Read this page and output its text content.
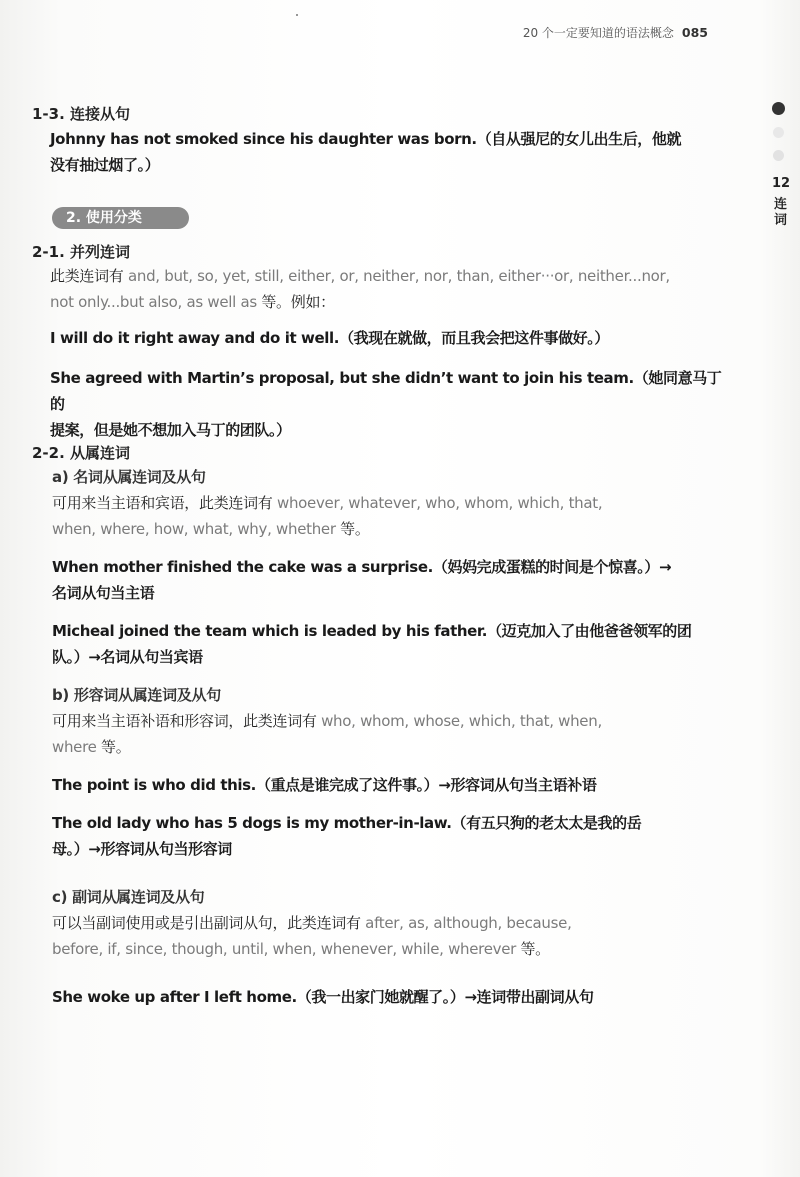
20 个一定要知道的语法概念 085
12
连
词
1-3. 连接从句
Johnny has not smoked since his daughter was born.（自从强尼的女儿出生后，他就
没有抽过烟了。）
2. 使用分类
2-1. 并列连词
此类连词有 and, but, so, yet, still, either, or, neither, nor, than, either···or, neither...nor,
not only...but also, as well as 等。例如：
I will do it right away and do it well.（我现在就做，而且我会把这件事做好。）
She agreed with Martin’s proposal, but she didn’t want to join his team.（她同意马丁的
提案，但是她不想加入马丁的团队。）
2-2. 从属连词
a) 名词从属连词及从句
可用来当主语和宾语，此类连词有 whoever, whatever, who, whom, which, that,
when, where, how, what, why, whether 等。
When mother finished the cake was a surprise.（妈妈完成蛋糕的时间是个惊喜。）→
名词从句当主语
Micheal joined the team which is leaded by his father.（迈克加入了由他爸爸领军的团
队。）→名词从句当宾语
b) 形容词从属连词及从句
可用来当主语补语和形容词，此类连词有 who, whom, whose, which, that, when,
where 等。
The point is who did this.（重点是谁完成了这件事。）→形容词从句当主语补语
The old lady who has 5 dogs is my mother-in-law.（有五只狗的老太太是我的岳
母。）→形容词从句当形容词
c) 副词从属连词及从句
可以当副词使用或是引出副词从句，此类连词有 after, as, although, because,
before, if, since, though, until, when, whenever, while, wherever 等。
She woke up after I left home.（我一出家门她就醒了。）→连词带出副词从句
